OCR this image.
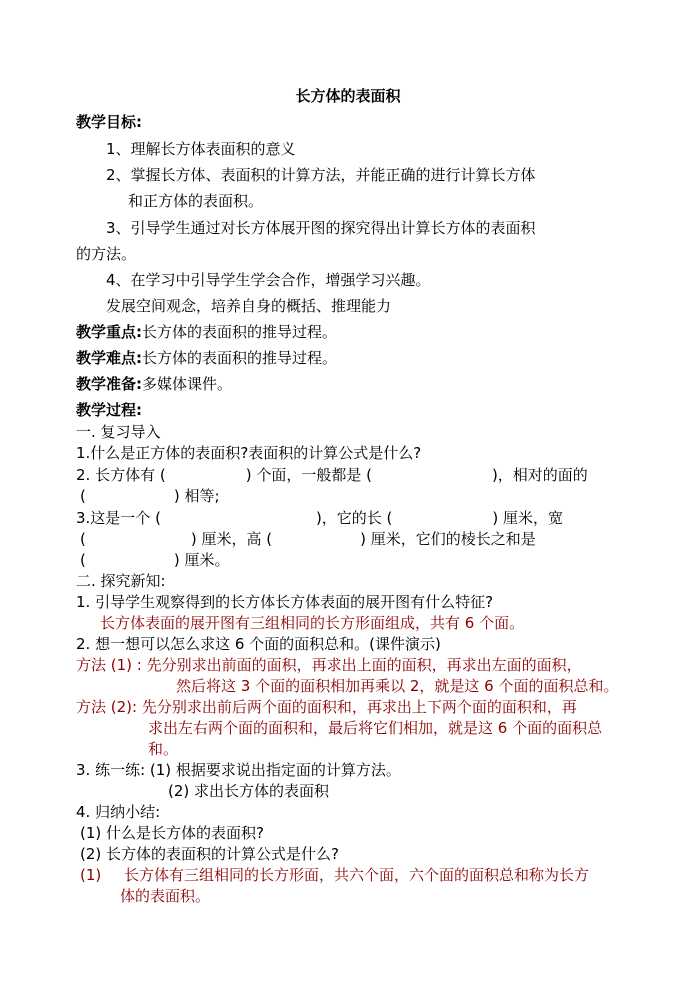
长方体的表面积
教学目标:
1、理解长方体表面积的意义
2、掌握长方体、表面积的计算方法，并能正确的进行计算长方体
和正方体的表面积。
3、引导学生通过对长方体展开图的探究得出计算长方体的表面积
的方法。
4、在学习中引导学生学会合作，增强学习兴趣。
发展空间观念，培养自身的概括、推理能力
教学重点:长方体的表面积的推导过程。
教学难点:长方体的表面积的推导过程。
教学准备:多媒体课件。
教学过程:
一. 复习导入
1.什么是正方体的表面积?表面积的计算公式是什么?
2. 长方体有 (	) 个面，一般都是 (	)，相对的面的
(	) 相等;
3.这是一个 (	)，它的长 (	) 厘米，宽
(	) 厘米，高 (	) 厘米，它们的棱长之和是
(	) 厘米。
二. 探究新知:
1. 引导学生观察得到的长方体长方体表面的展开图有什么特征?
长方体表面的展开图有三组相同的长方形面组成，共有 6 个面。
2. 想一想可以怎么求这 6 个面的面积总和。(课件演示)
方法 (1) : 先分别求出前面的面积，再求出上面的面积，再求出左面的面积，
然后将这 3 个面的面积相加再乘以 2，就是这 6 个面的面积总和。
方法 (2): 先分别求出前后两个面的面积和，再求出上下两个面的面积和，再
求出左右两个面的面积和，最后将它们相加，就是这 6 个面的面积总
和。
3. 练一练: (1) 根据要求说出指定面的计算方法。
(2) 求出长方体的表面积
4. 归纳小结:
(1) 什么是长方体的表面积?
(2) 长方体的表面积的计算公式是什么?
(1) 长方体有三组相同的长方形面，共六个面，六个面的面积总和称为长方
体的表面积。
